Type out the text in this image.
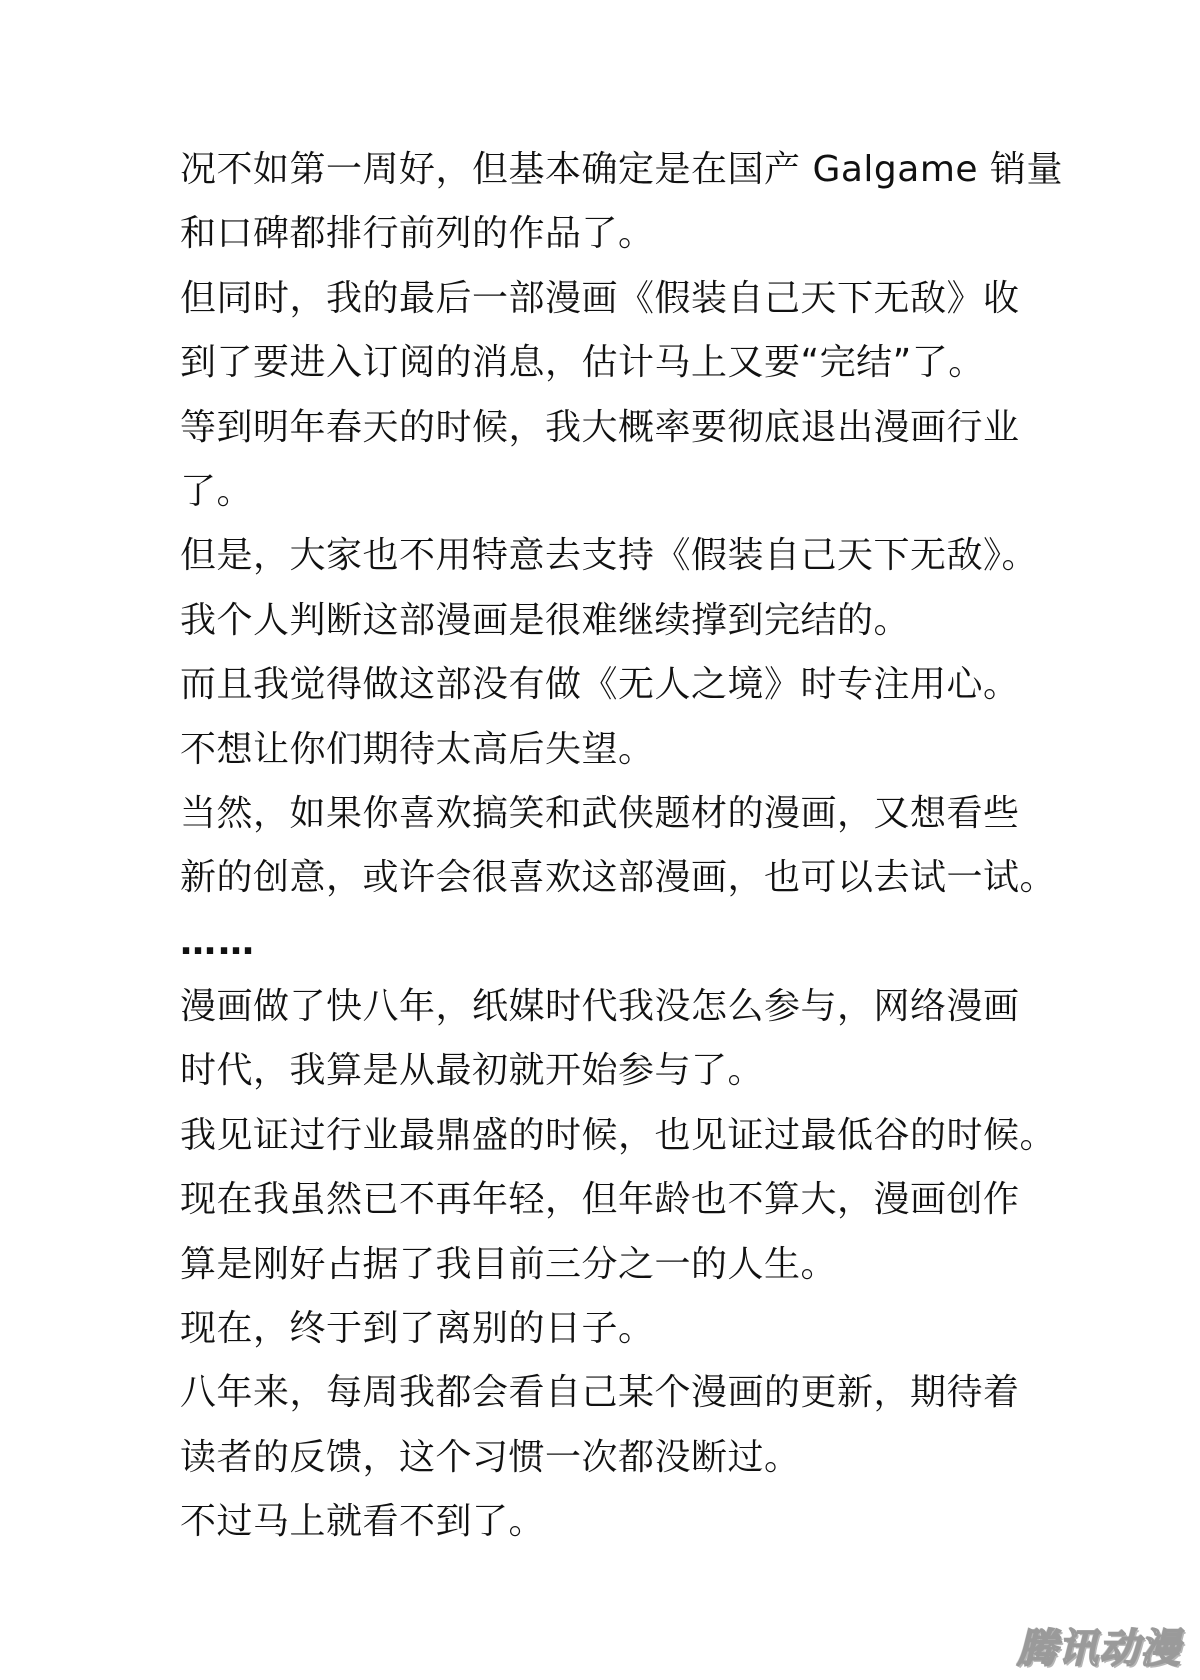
况不如第一周好，但基本确定是在国产 Galgame 销量
和口碑都排行前列的作品了。
但同时，我的最后一部漫画《假装自己天下无敌》收
到了要进入订阅的消息，估计马上又要“完结”了。
等到明年春天的时候，我大概率要彻底退出漫画行业
了。
但是，大家也不用特意去支持《假装自己天下无敌》。
我个人判断这部漫画是很难继续撑到完结的。
而且我觉得做这部没有做《无人之境》时专注用心。
不想让你们期待太高后失望。
当然，如果你喜欢搞笑和武侠题材的漫画，又想看些
新的创意，或许会很喜欢这部漫画，也可以去试一试。
……
漫画做了快八年，纸媒时代我没怎么参与，网络漫画
时代，我算是从最初就开始参与了。
我见证过行业最鼎盛的时候，也见证过最低谷的时候。
现在我虽然已不再年轻，但年龄也不算大，漫画创作
算是刚好占据了我目前三分之一的人生。
现在，终于到了离别的日子。
八年来，每周我都会看自己某个漫画的更新，期待着
读者的反馈，这个习惯一次都没断过。
不过马上就看不到了。
腾讯动漫
